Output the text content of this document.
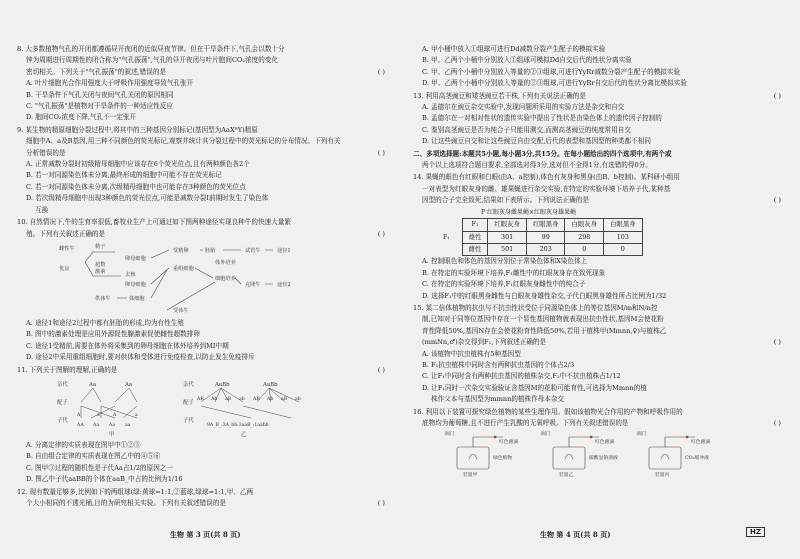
8. 大多数植物气孔的开闭都遵循昼开夜闭的近似昼夜节律。但在干旱条件下,气孔会以数十分

钟为周期进行周期性的闭合称为"气孔振荡",气孔的昼开夜闭与叶片胞间CO₂浓度的变化

密切相关。下列关于"气孔振荡"的叙述,错误的是	( )

A. 叶片细胞光合作用强度大于呼吸作用强度导致气孔张开

B. 干旱条件下气孔关闭与夜间气孔关闭的原因相同

C. "气孔振荡"是植物对干旱条件的一种适应性反应

D. 胞间CO₂浓度下降,气孔不一定张开

9. 某生物的精原细胞分裂过程中,将其中的三种基因分别标记(基因型为AaXᴮY)精原

细胞中A、a及B基因,用三种不同颜色的荧光标记,观察并统计其分裂过程中的荧光标记的分布情况。下列有关

分析错误的是	( )

A. 正常减数分裂时初级精母细胞中应该存在6个荧光位点,且有两种颜色各2个

B. 若一对同源染色体未分离,最终形成的细胞中可能不存在荧光标记

C. 若一对同源染色体未分离,次级精母细胞中也可能存在3种颜色的荧光位点

D. 若次级精母细胞中出现3种颜色的荧光位点,可能是减数分裂Ⅰ前期时发生了染色体

互换

10. 自然情况下,牛的生育率很低,畜牧业生产上可通过如下图两种途径实现良种牛的快速大量繁

殖。下列有关叙述正确的是	( )

雌性牛
超数
激素
优良
卵母细胞
去核
卵母细胞
受精卵	胚胎	试管牛	途径1
重组细胞
细胞培养
克隆牛	途径2
供体牛	体细胞
受体牛
精子
体外培养

A. 途径1和途径2过程中都有胚胎的形成,均为有性生殖

B. 图中的激素处理是应用外源促性腺激素促使雌性超数排卵

C. 途径1受精前,需要在体外将采集到的卵母细胞在体外培养到MⅠ中期

D. 途径2中采用重组细胞时,要对供体和受体进行免疫检查,以防止发生免疫排斥

11. 下列关于图解的理解,正确的是	( )

亲代	Aa	Aa	亲代	AaBb	AaBb
配子	配子
子代	子代
甲	乙
A	a	A	a
AB Ab aB ab AB Ab aB ab
AA Aa Aa aa	9A_B_:3A_bb:3aaB_:1aabb

A. 分离定律的实质表现在图甲中①②③

B. 自由组合定律的实质表现在图乙中的④⑤⑥

C. 图甲③过程的随机性是子代Aa占1/2的原因之一

D. 图乙中子代aaBB的个体在aaB_中占的比例为1/16

12. 现有数量足够多,比例如下的两组球(绿:黄球=1:1,②蓝球,绿球=1:1,甲、乙两

个大小相同的不透光桶,目的为研究相关实验。下列有关叙述错误的是	( )

A. 甲小桶中放入①组球可进行Dd减数分裂产生配子的模拟实验

B. 甲、乙两个小桶中分别放入①组球可模拟Dd自交后代的性状分离实验

C. 甲、乙两个小桶中分别放入等量的②③组球,可进行YyRr减数分裂产生配子的模拟实验

D. 甲、乙两个小桶中分别放入等量的②③组球,可进行YyRr自交后代的性状分离比模拟实验

13. 利用高茎豌豆和矮茎豌豆若干株,下列有关说法正确的是	( )

A. 孟德尔在豌豆杂交实验中,发现问题所采用的实验方法是杂交和自交

B. 孟德尔在一对相对性状的遗传实验中提出了性状是由染色体上的遗传因子控制的

C. 鉴别高茎豌豆是否为纯合子只能用测交,而测高茎豌豆的纯度常用自交

D. 让这些豌豆自交和让这些豌豆自由交配,后代的表型和基因型的种类都不相同

二、多项选择题:本题共5小题,每小题3分,共15分。在每小题给出的四个选项中,有两个或

两个以上选项符合题目要求,全部选对得3分,选对但不全得1分,有选错的得0分。

14. 果蝇的眼色有红眼和白眼(由A、a控制),体色有灰身和黑身(由B、b控制)。某科研小组用

一对表型为红眼灰身的雌、雄果蝇进行杂交实验,在特定的实验环境下培养子代,某种基

因型的合子完全致死,结果如下表所示。下列说法正确的是	( )

P 红眼灰身雌果蝇×红眼灰身雄果蝇

F₁
F₁	红眼灰身	红眼黑身	白眼灰身	白眼黑身
雄性	301	99	298	103
雌性	501	203	0	0

A. 控制眼色和体色的基因分别位于常染色体和X染色体上

B. 在特定的实验环境下培养,F₁雌性中的红眼灰身存在致死现象

C. 在特定的实验环境下培养,F₁红眼灰身雌性中的纯合子

D. 选择F₁中的红眼黑身雌性与白眼灰身雄性杂交,子代白眼黑身雄性所占比例为1/32

15. 某二倍体植物的抗虫与不抗虫性状受位于同源染色体上的等位基因M/m和N/n控

制,已知对于同等位基因中存在一个显性基因植物就表现出抗虫性状,基因M会使花粉

育性降低50%,基因N存在会使花粉育性降低50%,若用于植株甲(Mmnn,♀)与植株乙

(mmNn,♂)杂交得到F₁,下列叙述正确的是	( )

A. 该植物中抗虫植株有5种基因型

B. F₁抗虫植株中同时含有两种抗虫基因的个体占2/3

C. 让F₁中同时含有两种抗虫基因的植株杂交,F₂中不抗虫植株占1/12

D. 让F₁同时一次杂交实验验证含基因M的花粉可能育性,可选择为Mmnn的植

株作父本与基因型为mmnn的植株作母本杂交

16. 利用以下装置可探究绿色植物的某些生理作用。假如该植物光合作用的产物和呼吸作用的

底物均为葡萄糖,且不进行产生乳酸的无氧呼吸。下列有关叙述错误的是	( )

阀门	阀门	阀门
红色液滴	红色液滴	红色液滴
绿色植物	碳酸氢钠溶液	CO₂缓冲液
装置甲	装置乙	装置丙
生物 第 3 页(共 8 页)	生物 第 4 页(共 8 页)	HZ
